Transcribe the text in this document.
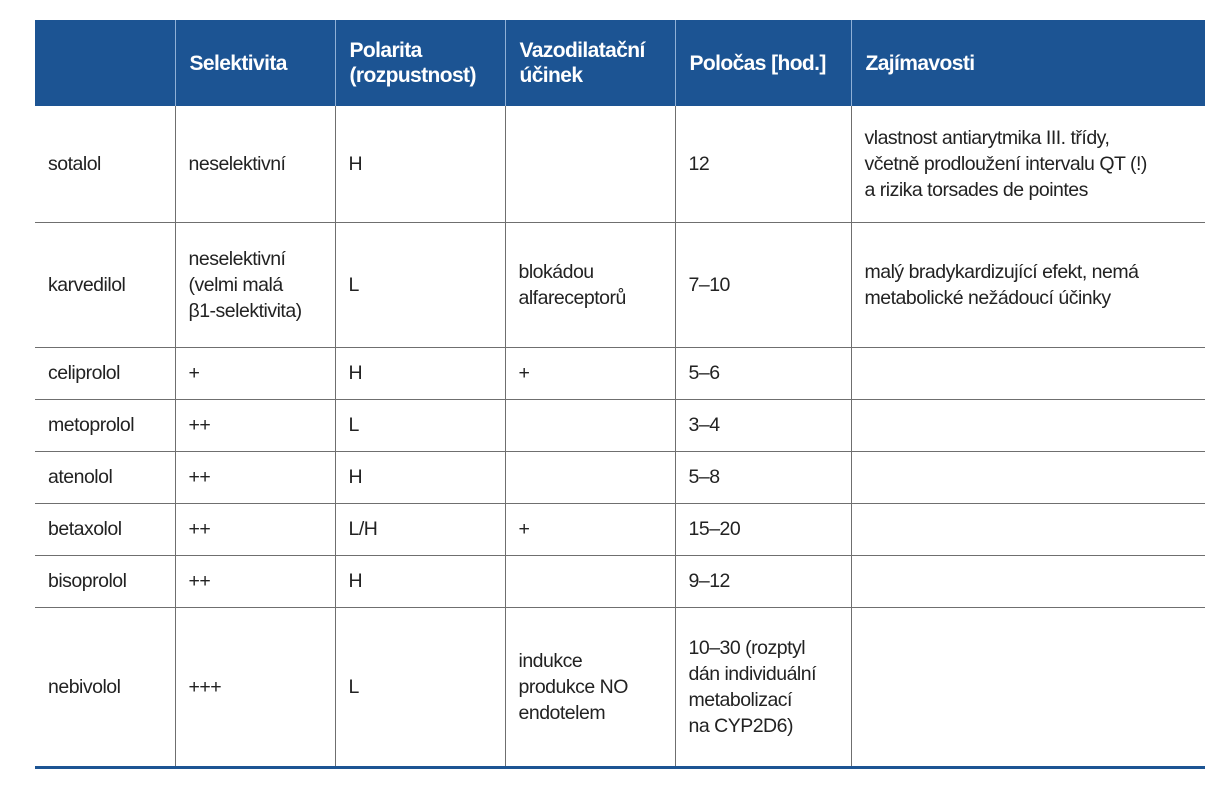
	Selektivita	Polarita
(rozpustnost)	Vazodilatační
účinek	Poločas [hod.]	Zajímavosti

sotalol	neselektivní	H		12	vlastnost antiarytmika III. třídy,
včetně prodloužení intervalu QT (!)
a rizika torsades de pointes

karvedilol	neselektivní
(velmi malá
β1-selektivita)	L	blokádou
alfareceptorů	7–10	malý bradykardizující efekt, nemá
metabolické nežádoucí účinky

celiprolol	+	H	+	5–6	

metoprolol	++	L		3–4	

atenolol	++	H		5–8	

betaxolol	++	L/H	+	15–20	

bisoprolol	++	H		9–12	

nebivolol	+++	L	indukce
produkce NO
endotelem	10–30 (rozptyl
dán individuální
metabolizací
na CYP2D6)	
